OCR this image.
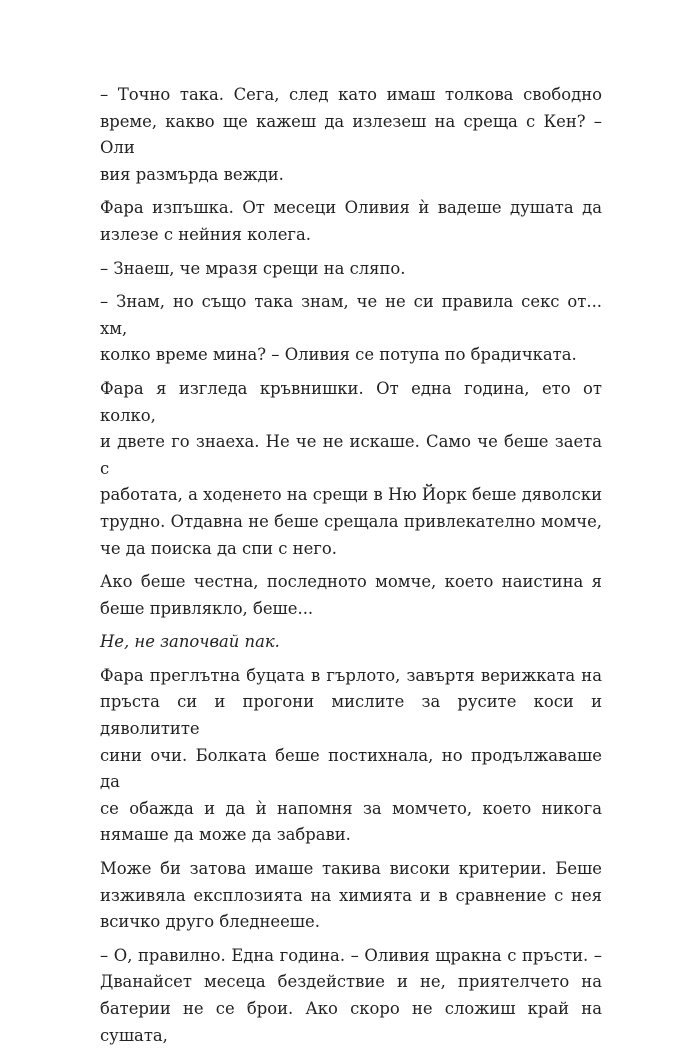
– Точно така. Сега, след като имаш толкова свободно
време, какво ще кажеш да излезеш на среща с Кен? – Оли
вия размърда вежди.

Фара изпъшка. От месеци Оливия ѝ вадеше душата да
излезе с нейния колега.

– Знаеш, че мразя срещи на сляпо.

– Знам, но също така знам, че не си правила секс от... хм,
колко време мина? – Оливия се потупа по брадичката.

Фара я изгледа кръвнишки. От една година, ето от колко,
и двете го знаеха. Не че не искаше. Само че беше заета с
работата, а ходенето на срещи в Ню Йорк беше дяволски
трудно. Отдавна не беше срещала привлекателно момче,
че да поиска да спи с него.

Ако беше честна, последното момче, което наистина я
беше привлякло, беше...

Не, не започвай пак.

Фара преглътна буцата в гърлото, завъртя верижката на
пръста си и прогони мислите за русите коси и дяволитите
сини очи. Болката беше постихнала, но продължаваше да
се обажда и да ѝ напомня за момчето, което никога
нямаше да може да забрави.

Може би затова имаше такива високи критерии. Беше
изживяла експлозията на химията и в сравнение с нея
всичко друго бледнееше.

– О, правилно. Една година. – Оливия щракна с пръсти. –
Дванайсет месеца бездействие и не, приятелчето на
батерии не се брои. Ако скоро не сложиш край на сушата,
